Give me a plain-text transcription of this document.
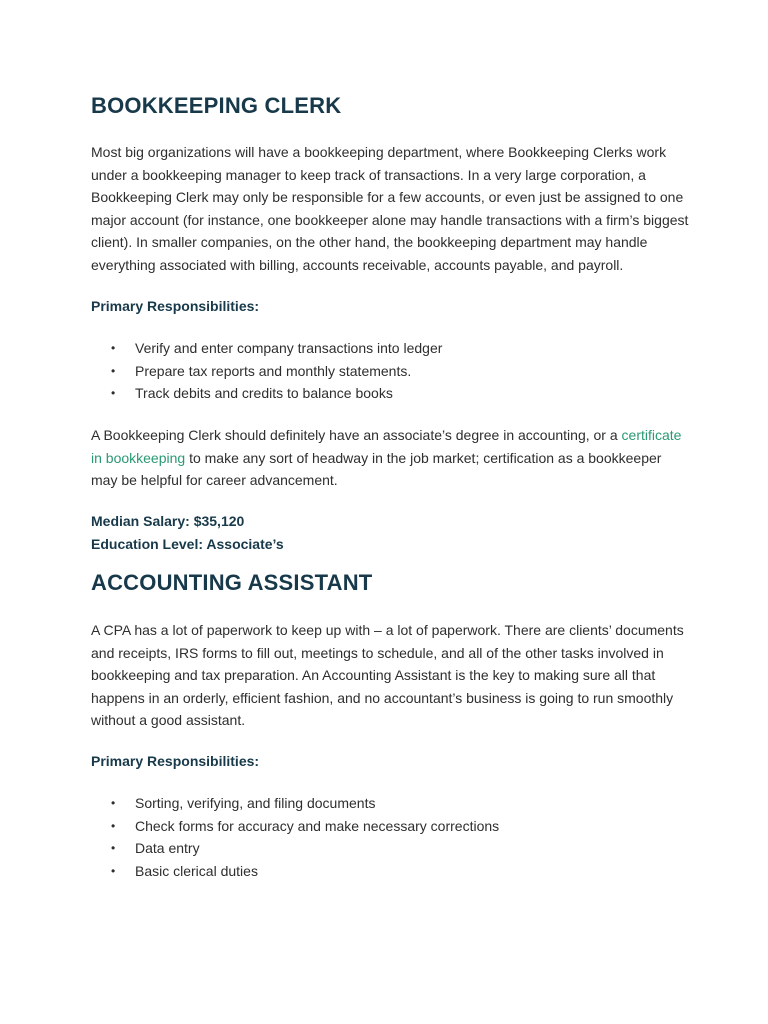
BOOKKEEPING CLERK

Most big organizations will have a bookkeeping department, where Bookkeeping Clerks work under a bookkeeping manager to keep track of transactions. In a very large corporation, a Bookkeeping Clerk may only be responsible for a few accounts, or even just be assigned to one major account (for instance, one bookkeeper alone may handle transactions with a firm’s biggest client). In smaller companies, on the other hand, the bookkeeping department may handle everything associated with billing, accounts receivable, accounts payable, and payroll.

Primary Responsibilities:
• Verify and enter company transactions into ledger
• Prepare tax reports and monthly statements.
• Track debits and credits to balance books

A Bookkeeping Clerk should definitely have an associate’s degree in accounting, or a certificate in bookkeeping to make any sort of headway in the job market; certification as a bookkeeper may be helpful for career advancement.

Median Salary: $35,120
Education Level: Associate’s
ACCOUNTING ASSISTANT

A CPA has a lot of paperwork to keep up with – a lot of paperwork. There are clients’ documents and receipts, IRS forms to fill out, meetings to schedule, and all of the other tasks involved in bookkeeping and tax preparation. An Accounting Assistant is the key to making sure all that happens in an orderly, efficient fashion, and no accountant’s business is going to run smoothly without a good assistant.

Primary Responsibilities:
• Sorting, verifying, and filing documents
• Check forms for accuracy and make necessary corrections
• Data entry
• Basic clerical duties
